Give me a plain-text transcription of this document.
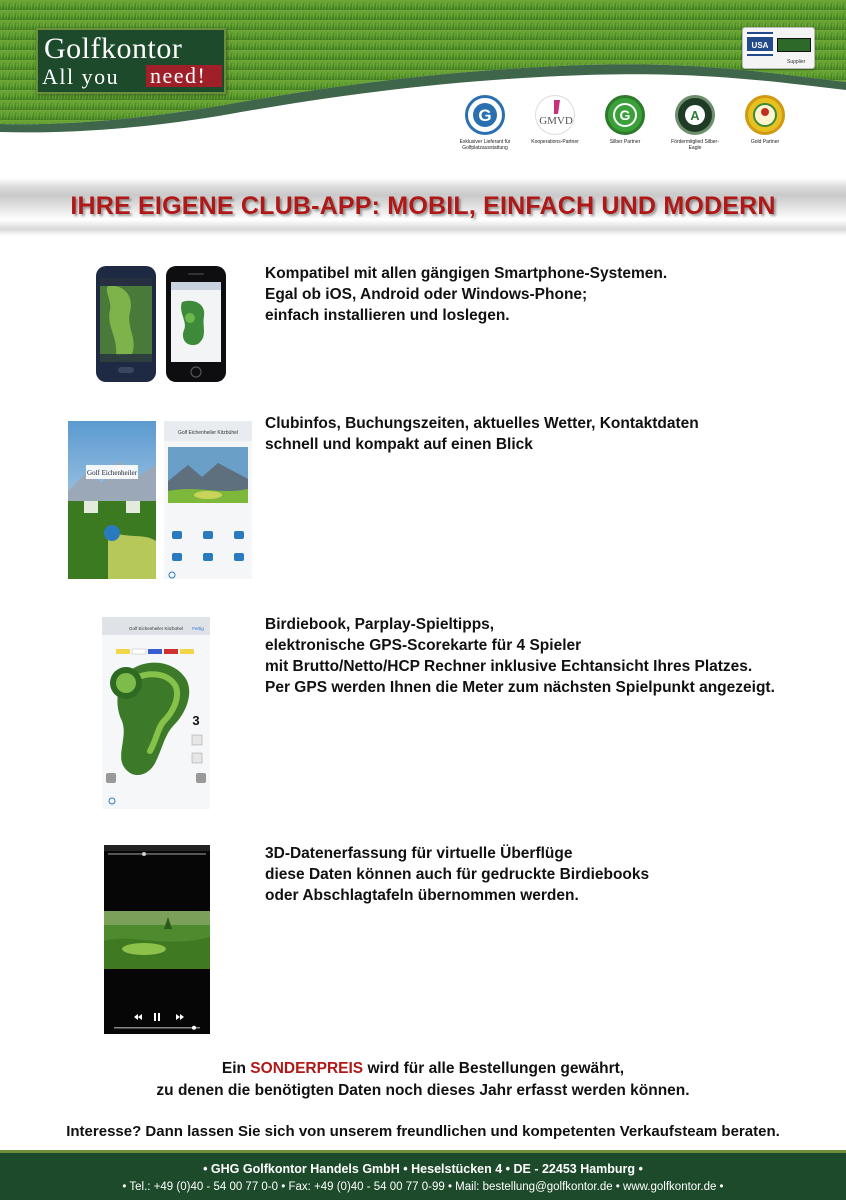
Golfkontor
All you need!
USA
Supplier
G
Exklusiver Lieferant für Golfplatzausstattung
GMVD
Kooperations-Partner
G
Silber Partner
A
Fördermitglied Silber-Eagle
Gold Partner
IHRE EIGENE CLUB-APP: MOBIL, EINFACH UND MODERN
Kompatibel mit allen gängigen Smartphone-Systemen.
Egal ob iOS, Android oder Windows-Phone;
einfach installieren und loslegen.
Golf Eichenheiler
Golf Eichenheiler Kitzbühel
Clubinfos, Buchungszeiten, aktuelles Wetter, Kontaktdaten
schnell und kompakt auf einen Blick
Golf Eichenheiler Kitzbühel Fertig
3
Birdiebook, Parplay-Spieltipps,
elektronische GPS-Scorekarte für 4 Spieler
mit Brutto/Netto/HCP Rechner inklusive Echtansicht Ihres Platzes.
Per GPS werden Ihnen die Meter zum nächsten Spielpunkt angezeigt.
3D-Datenerfassung für virtuelle Überflüge
diese Daten können auch für gedruckte Birdiebooks
oder Abschlagtafeln übernommen werden.
Ein SONDERPREIS wird für alle Bestellungen gewährt,
zu denen die benötigten Daten noch dieses Jahr erfasst werden können.
Interesse? Dann lassen Sie sich von unserem freundlichen und kompetenten Verkaufsteam beraten.
• GHG Golfkontor Handels GmbH • Heselstücken 4 • DE - 22453 Hamburg •
• Tel.: +49 (0)40 - 54 00 77 0-0 • Fax: +49 (0)40 - 54 00 77 0-99 • Mail: bestellung@golfkontor.de • www.golfkontor.de •
